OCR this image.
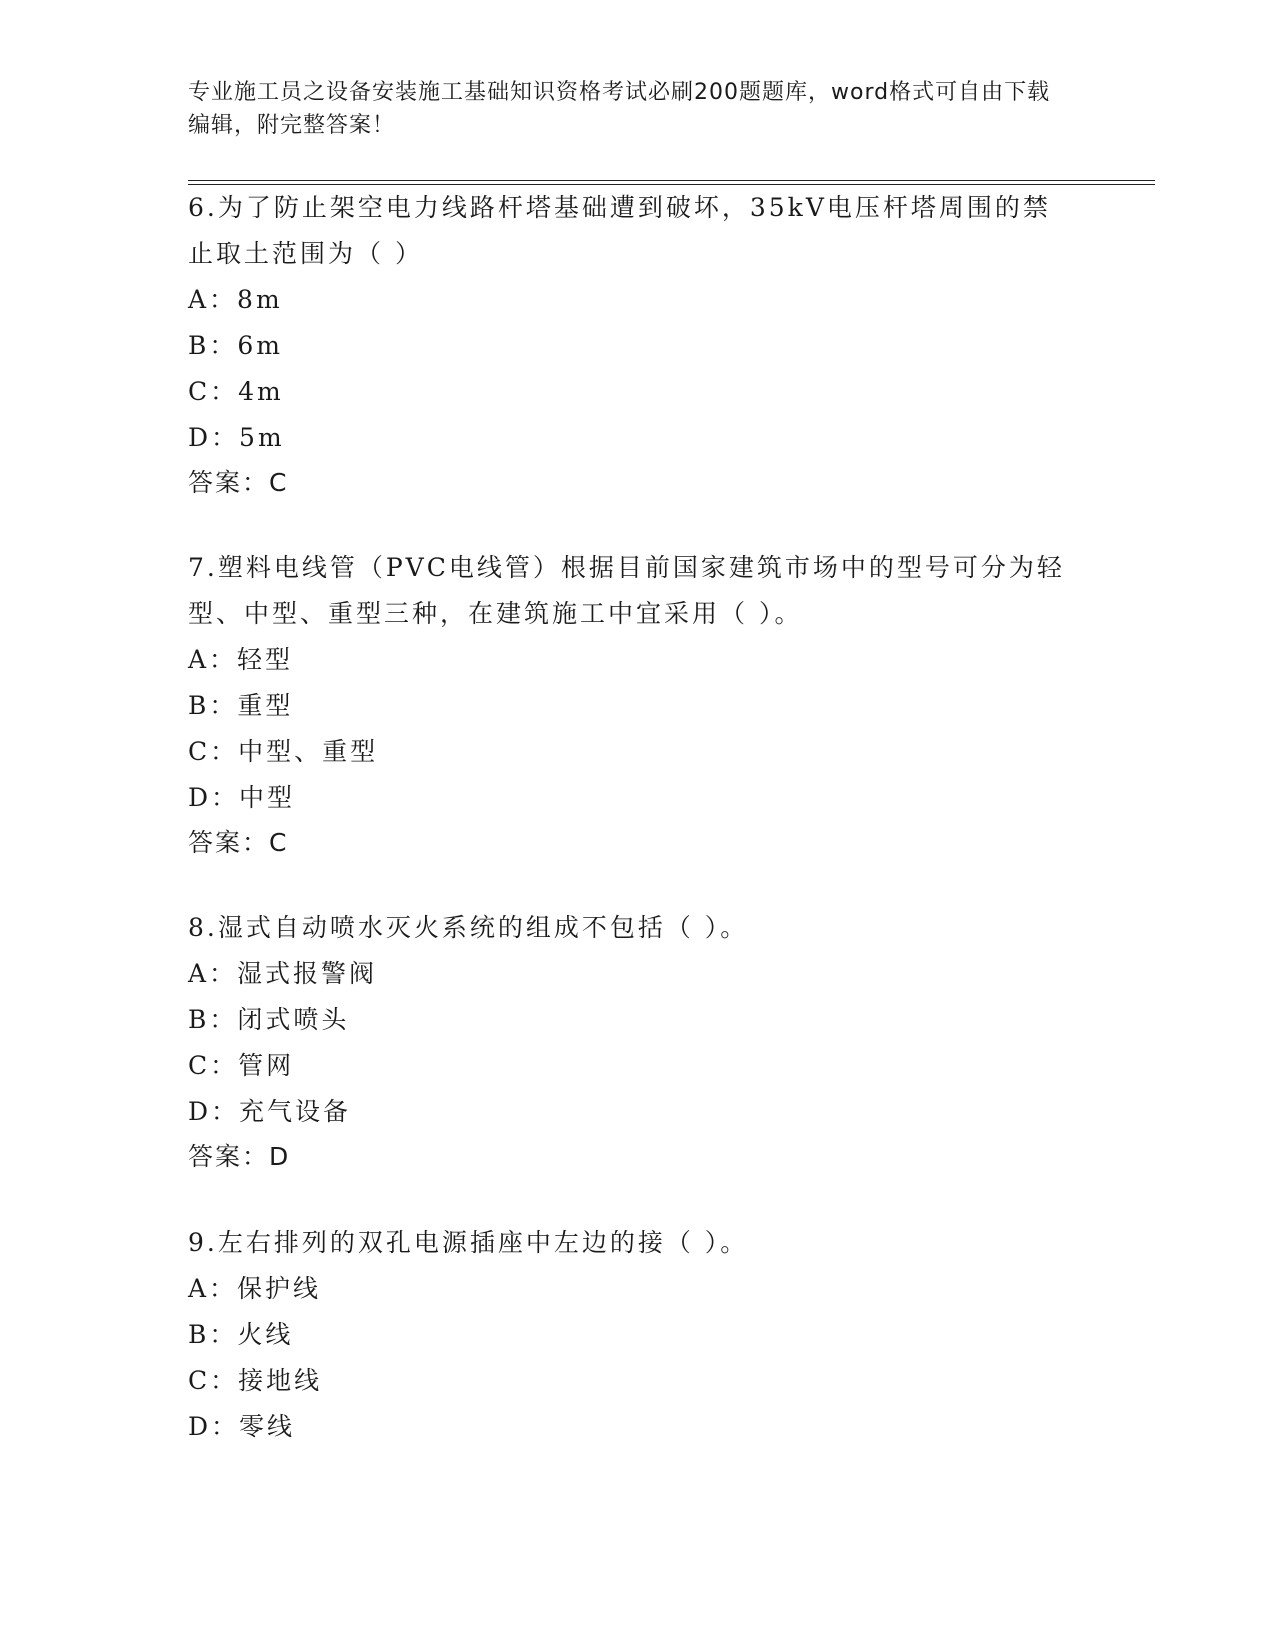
专业施工员之设备安装施工基础知识资格考试必刷200题题库，word格式可自由下载编辑，附完整答案！

6.为了防止架空电力线路杆塔基础遭到破坏，35kV电压杆塔周围的禁止取土范围为（ ）

A：8m

B：6m

C：4m

D：5m

答案：C

7.塑料电线管（PVC电线管）根据目前国家建筑市场中的型号可分为轻型、中型、重型三种，在建筑施工中宜采用（ ）。

A：轻型

B：重型

C：中型、重型

D：中型

答案：C

8.湿式自动喷水灭火系统的组成不包括（ ）。

A：湿式报警阀

B：闭式喷头

C：管网

D：充气设备

答案：D

9.左右排列的双孔电源插座中左边的接（ ）。

A：保护线

B：火线

C：接地线

D：零线
